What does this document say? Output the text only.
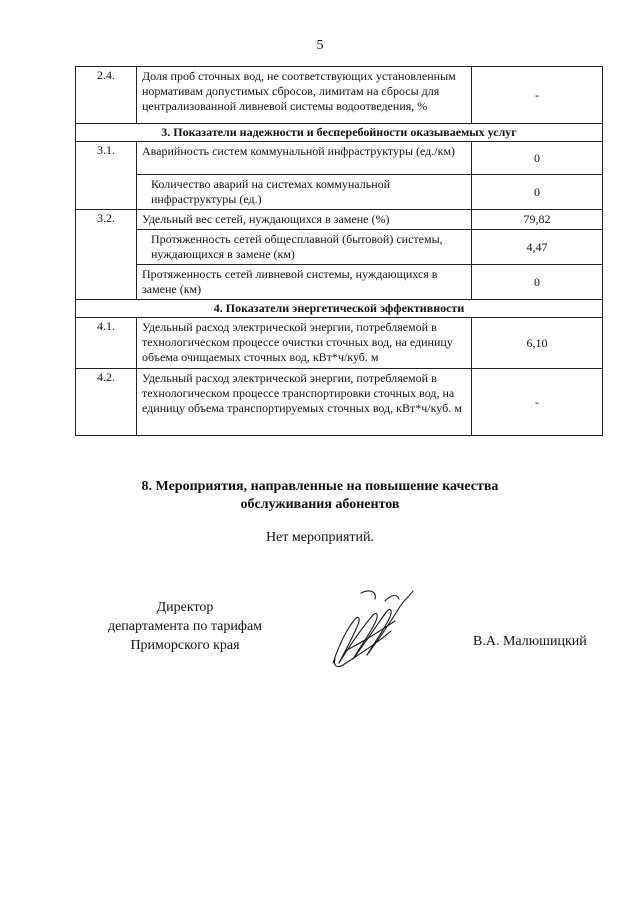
5
2.4.	Доля проб сточных вод, не соответствующих установленным нормативам допустимых сбросов, лимитам на сбросы для централизованной ливневой системы водоотведения, %	-
3. Показатели надежности и бесперебойности оказываемых услуг		
3.1.	Аварийность систем коммунальной инфраструктуры (ед./км)	0
	Количество аварий на системах коммунальной инфраструктуры (ед.)	0
3.2.	Удельный вес сетей, нуждающихся в замене (%)	79,82
	Протяженность сетей общесплавной (бытовой) системы, нуждающихся в замене (км)	4,47
	Протяженность сетей ливневой системы, нуждающихся в замене (км)	0
4. Показатели энергетической эффективности		
4.1.	Удельный расход электрической энергии, потребляемой в технологическом процессе очистки сточных вод, на единицу объема очищаемых сточных вод, кВт*ч/куб. м	6,10
4.2.	Удельный расход электрической энергии, потребляемой в технологическом процессе транспортировки сточных вод, на единицу объема транспортируемых сточных вод, кВт*ч/куб. м	-
8. Мероприятия, направленные на повышение качества
обслуживания абонентов
Нет мероприятий.
Директор
департамента по тарифам
Приморского края	В.А. Малюшицкий
